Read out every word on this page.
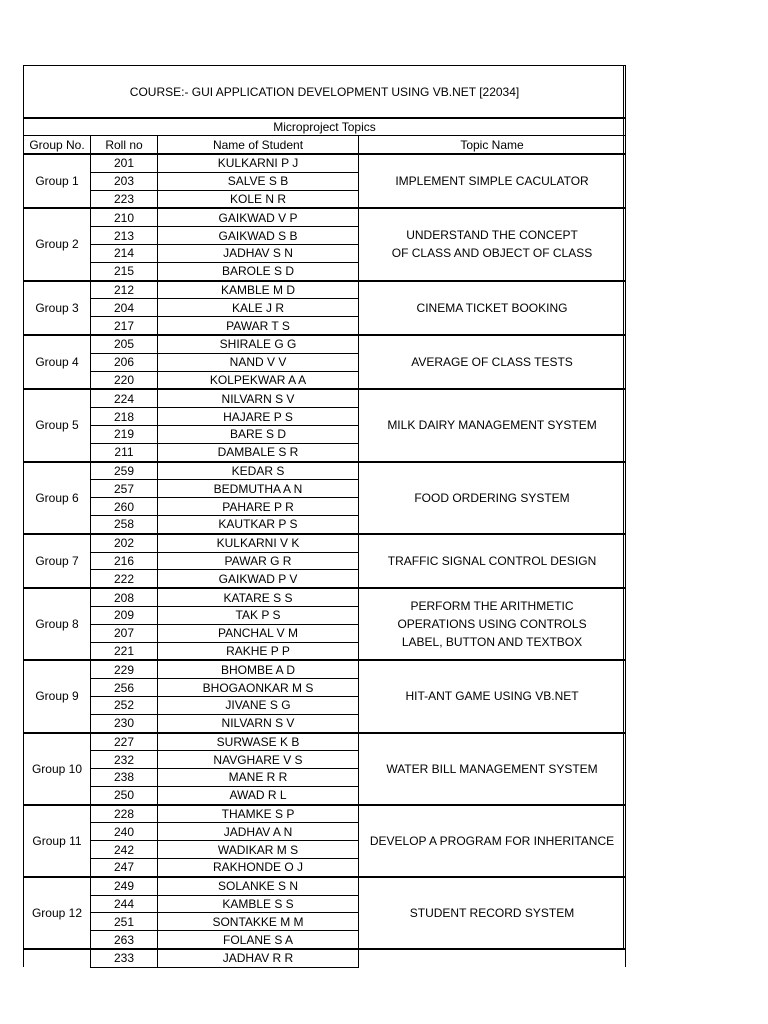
COURSE:- GUI APPLICATION DEVELOPMENT USING VB.NET [22034]			
Microproject Topics			
Group No.	Roll no	Name of Student	Topic Name
Group 1	201	KULKARNI P J	IMPLEMENT SIMPLE CACULATOR
	203	SALVE S B	
	223	KOLE N R	
Group 2	210	GAIKWAD V P	UNDERSTAND THE CONCEPT
OF CLASS AND OBJECT OF CLASS
	213	GAIKWAD S B	
	214	JADHAV S N	
	215	BAROLE S D	
Group 3	212	KAMBLE M D	CINEMA TICKET BOOKING
	204	KALE J R	
	217	PAWAR T S	
Group 4	205	SHIRALE G G	AVERAGE OF CLASS TESTS
	206	NAND V V	
	220	KOLPEKWAR A A	
Group 5	224	NILVARN S V	MILK DAIRY MANAGEMENT SYSTEM
	218	HAJARE P S	
	219	BARE S D	
	211	DAMBALE S R	
Group 6	259	KEDAR S	FOOD ORDERING SYSTEM
	257	BEDMUTHA A N	
	260	PAHARE P R	
	258	KAUTKAR P S	
Group 7	202	KULKARNI V K	TRAFFIC SIGNAL CONTROL DESIGN
	216	PAWAR G R	
	222	GAIKWAD P V	
Group 8	208	KATARE S S	PERFORM THE ARITHMETIC
OPERATIONS USING CONTROLS
LABEL, BUTTON AND TEXTBOX
	209	TAK P S	
	207	PANCHAL V M	
	221	RAKHE P P	
Group 9	229	BHOMBE A D	HIT-ANT GAME USING VB.NET
	256	BHOGAONKAR M S	
	252	JIVANE S G	
	230	NILVARN S V	
Group 10	227	SURWASE K B	WATER BILL MANAGEMENT SYSTEM
	232	NAVGHARE V S	
	238	MANE R R	
	250	AWAD R L	
Group 11	228	THAMKE S P	DEVELOP A PROGRAM FOR INHERITANCE
	240	JADHAV A N	
	242	WADIKAR M S	
	247	RAKHONDE O J	
Group 12	249	SOLANKE S N	STUDENT RECORD SYSTEM
	244	KAMBLE S S	
	251	SONTAKKE M M	
	263	FOLANE S A	
	233	JADHAV R R	
